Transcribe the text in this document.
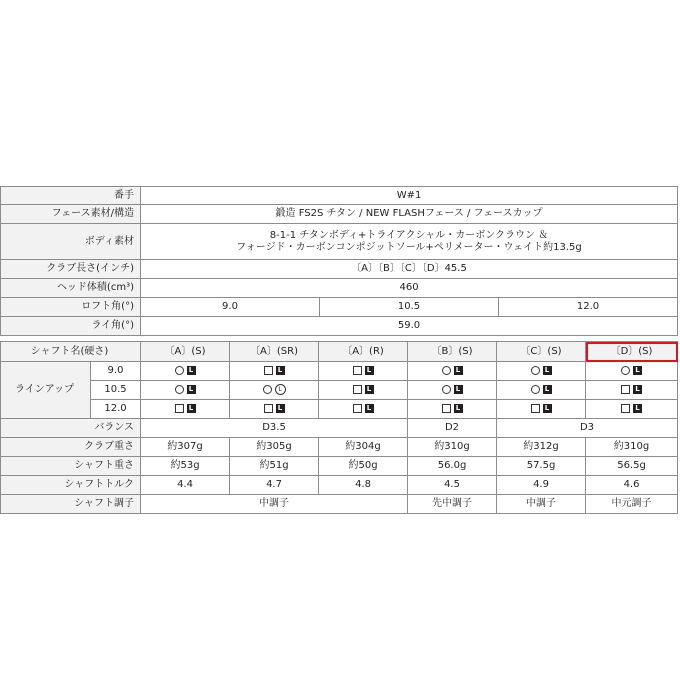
番手	W#1		
フェース素材/構造	鍛造 FS2S チタン / NEW FLASHフェース / フェースカップ		
ボディ素材	8-1-1 チタンボディ+トライアクシャル・カーボンクラウン ＆
フォージド・カーボンコンポジットソール+ペリメーター・ウェイト約13.5g		

クラブ長さ(インチ)	〔A〕〔B〕〔C〕〔D〕45.5		
ヘッド体積(cm³)	460		
ロフト角(°)	9.0	10.5	12.0
ライ角(°)	59.0		
シャフト名(硬さ)		〔A〕(S)	〔A〕(SR)	〔A〕(R)	〔B〕(S)	〔C〕(S)	〔D〕(S)
ラインアップ	9.0	L	L	L	L	L	L
	10.5	L	L	L	L	L	L
	12.0	L	L	L	L	L	L
バランス		D3.5			D2	D3	
クラブ重さ		約307g	約305g	約304g	約310g	約312g	約310g
シャフト重さ		約53g	約51g	約50g	56.0g	57.5g	56.5g
シャフトトルク		4.4	4.7	4.8	4.5	4.9	4.6
シャフト調子		中調子			先中調子	中調子	中元調子
